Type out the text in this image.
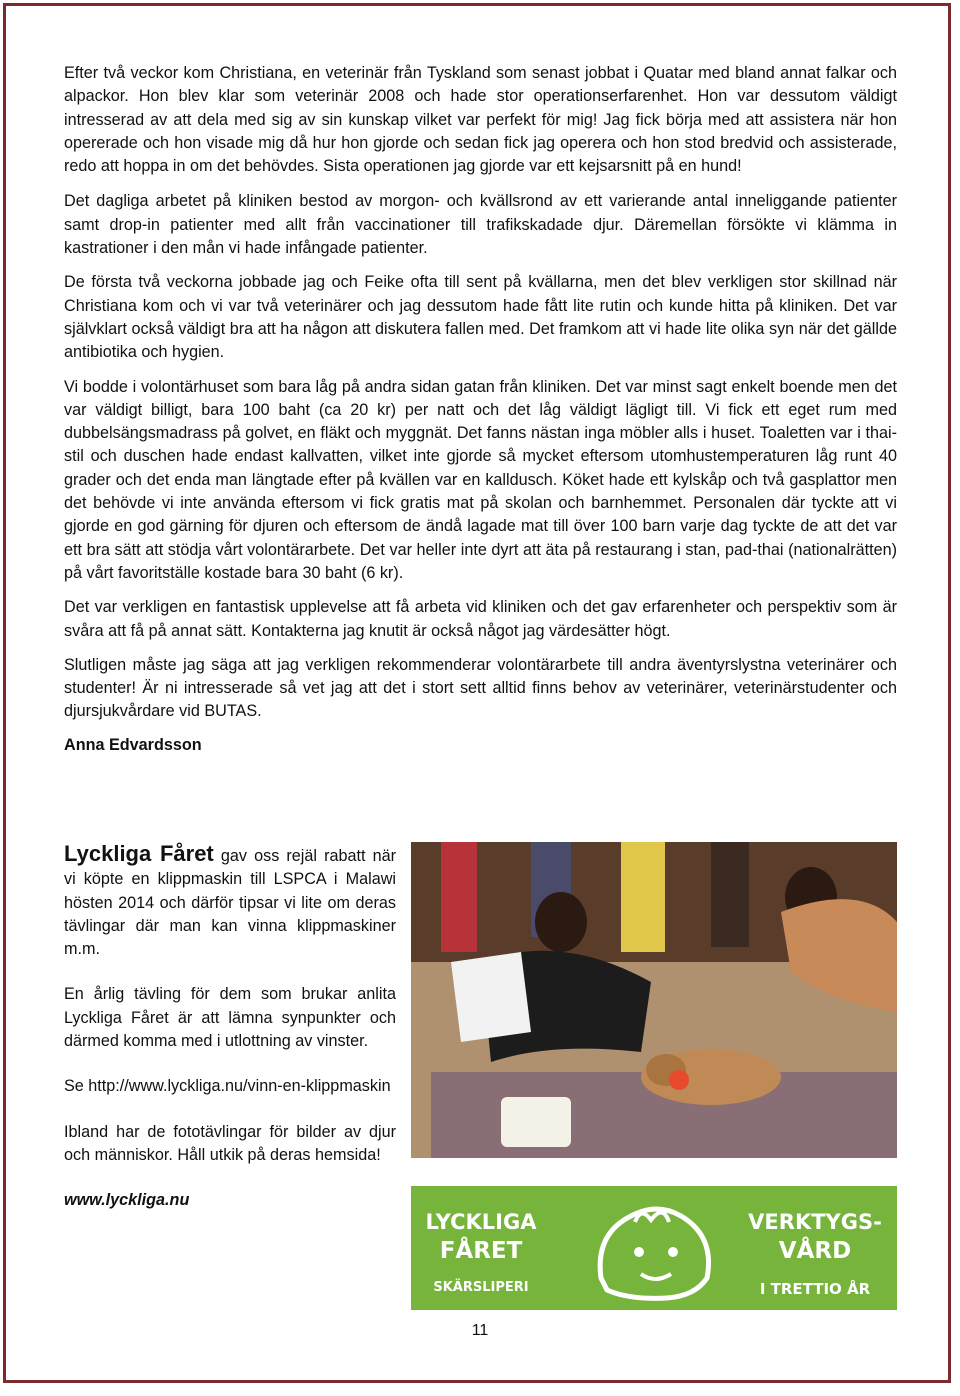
Efter två veckor kom Christiana, en veterinär från Tyskland som senast jobbat i Quatar med bland annat falkar och alpackor. Hon blev klar som veterinär 2008 och hade stor operationserfarenhet. Hon var dessutom väldigt intresserad av att dela med sig av sin kunskap vilket var perfekt för mig! Jag fick börja med att assistera när hon opererade och hon visade mig då hur hon gjorde och sedan fick jag operera och hon stod bredvid och assisterade, redo att hoppa in om det behövdes. Sista operationen jag gjorde var ett kejsarsnitt på en hund!

Det dagliga arbetet på kliniken bestod av morgon- och kvällsrond av ett varierande antal inneliggande patienter samt drop-in patienter med allt från vaccinationer till trafikskadade djur. Däremellan försökte vi klämma in kastrationer i den mån vi hade infångade patienter.

De första två veckorna jobbade jag och Feike ofta till sent på kvällarna, men det blev verkligen stor skillnad när Christiana kom och vi var två veterinärer och jag dessutom hade fått lite rutin och kunde hitta på kliniken. Det var självklart också väldigt bra att ha någon att diskutera fallen med. Det framkom att vi hade lite olika syn när det gällde antibiotika och hygien.

Vi bodde i volontärhuset som bara låg på andra sidan gatan från kliniken. Det var minst sagt enkelt boende men det var väldigt billigt, bara 100 baht (ca 20 kr) per natt och det låg väldigt lägligt till. Vi fick ett eget rum med dubbelsängsmadrass på golvet, en fläkt och myggnät. Det fanns nästan inga möbler alls i huset. Toaletten var i thai-stil och duschen hade endast kallvatten, vilket inte gjorde så mycket eftersom utomhustemperaturen låg runt 40 grader och det enda man längtade efter på kvällen var en kalldusch. Köket hade ett kylskåp och två gasplattor men det behövde vi inte använda eftersom vi fick gratis mat på skolan och barnhemmet. Personalen där tyckte att vi gjorde en god gärning för djuren och eftersom de ändå lagade mat till över 100 barn varje dag tyckte de att det var ett bra sätt att stödja vårt volontärarbete. Det var heller inte dyrt att äta på restaurang i stan, pad-thai (nationalrätten) på vårt favoritställe kostade bara 30 baht (6 kr).

Det var verkligen en fantastisk upplevelse att få arbeta vid kliniken och det gav erfarenheter och perspektiv som är svåra att få på annat sätt. Kontakterna jag knutit är också något jag värdesätter högt.

Slutligen måste jag säga att jag verkligen rekommenderar volontärarbete till andra äventyrslystna veterinärer och studenter! Är ni intresserade så vet jag att det i stort sett alltid finns behov av veterinärer, veterinärstudenter och djursjukvårdare vid BUTAS.

Anna Edvardsson

Lyckliga Fåret gav oss rejäl rabatt när vi köpte en klippmaskin till LSPCA i Malawi hösten 2014 och därför tipsar vi lite om deras tävlingar där man kan vinna klippmaskiner m.m.

En årlig tävling för dem som brukar anlita Lyckliga Fåret är att lämna synpunkter och därmed komma med i utlottning av vinster.

Se http://www.lyckliga.nu/vinn-en-klippmaskin

Ibland har de fototävlingar för bilder av djur och människor. Håll utkik på deras hemsida!

www.lyckliga.nu

LYCKLIGA
FÅRET
SKÄRSLIPERI
VERKTYGS-
VÅRD
I TRETTIO ÅR
11
